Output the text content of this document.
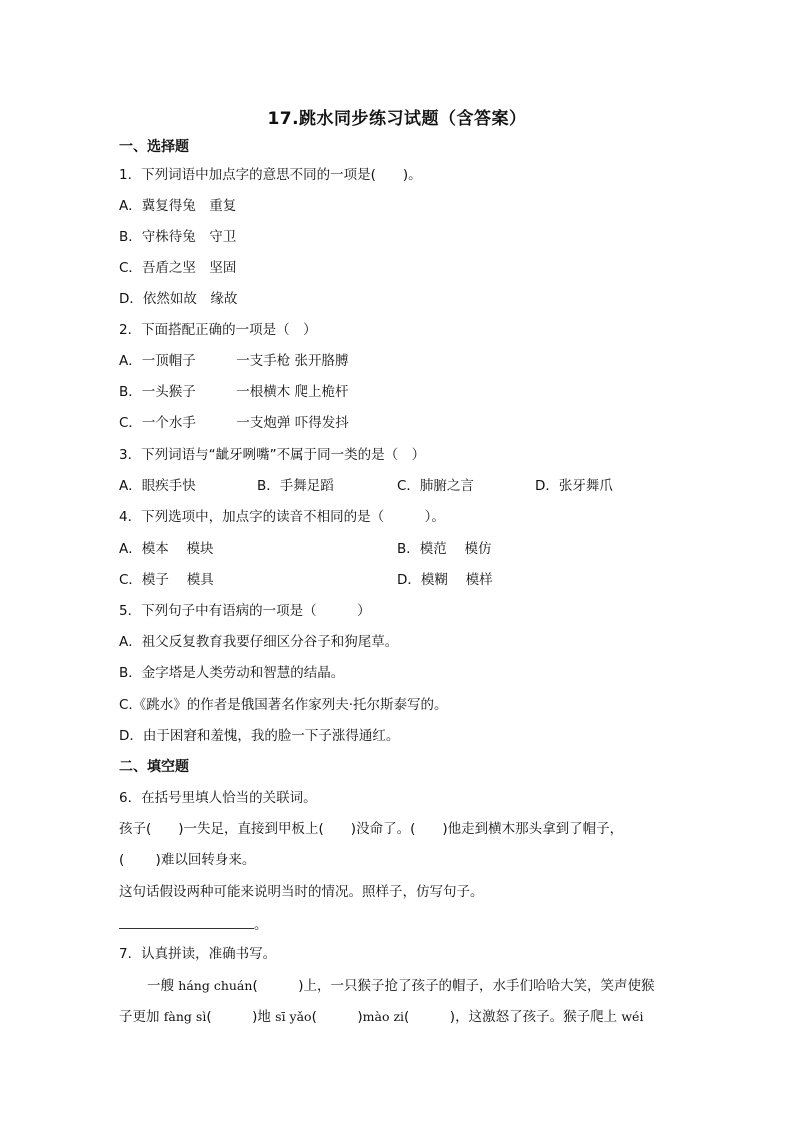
17.跳水同步练习试题（含答案）
一、选择题
1．下列词语中加点字的意思不同的一项是(　　)。
A．冀复得兔　重复
B．守株待兔　守卫
C．吾盾之坚　坚固
D．依然如故　缘故
2．下面搭配正确的一项是（　）
A．一顶帽子　　　一支手枪 张开胳膊
B．一头猴子　　　一根横木 爬上桅杆
C．一个水手　　　一支炮弹 吓得发抖
3．下列词语与“龇牙咧嘴”不属于同一类的是（　）
A．眼疾手快	B．手舞足蹈	C．肺腑之言	D．张牙舞爪
4．下列选项中，加点字的读音不相同的是（　　　）。
A．模本　 模块	B．模范　 模仿
C．模子　 模具	D．模糊　 模样
5．下列句子中有语病的一项是（　　　）
A．祖父反复教育我要仔细区分谷子和狗尾草。
B．金字塔是人类劳动和智慧的结晶。
C.《跳水》的作者是俄国著名作家列夫·托尔斯泰写的。
D．由于困窘和羞愧，我的脸一下子涨得通红。
二、填空题
6．在括号里填人恰当的关联词。
孩子(　　)一失足，直接到甲板上(　　)没命了。(　　)他走到横木那头拿到了帽子，
(　　 )难以回转身来。
这句话假设两种可能来说明当时的情况。照样子，仿写句子。
。
7．认真拼读，准确书写。
一艘 háng chuán(　　　)上，一只猴子抢了孩子的帽子，水手们哈哈大笑，笑声使猴
子更加 fàng sì(　　　)地 sī yǎo(　　　)mào zi(　　　)，这激怒了孩子。猴子爬上 wéi
